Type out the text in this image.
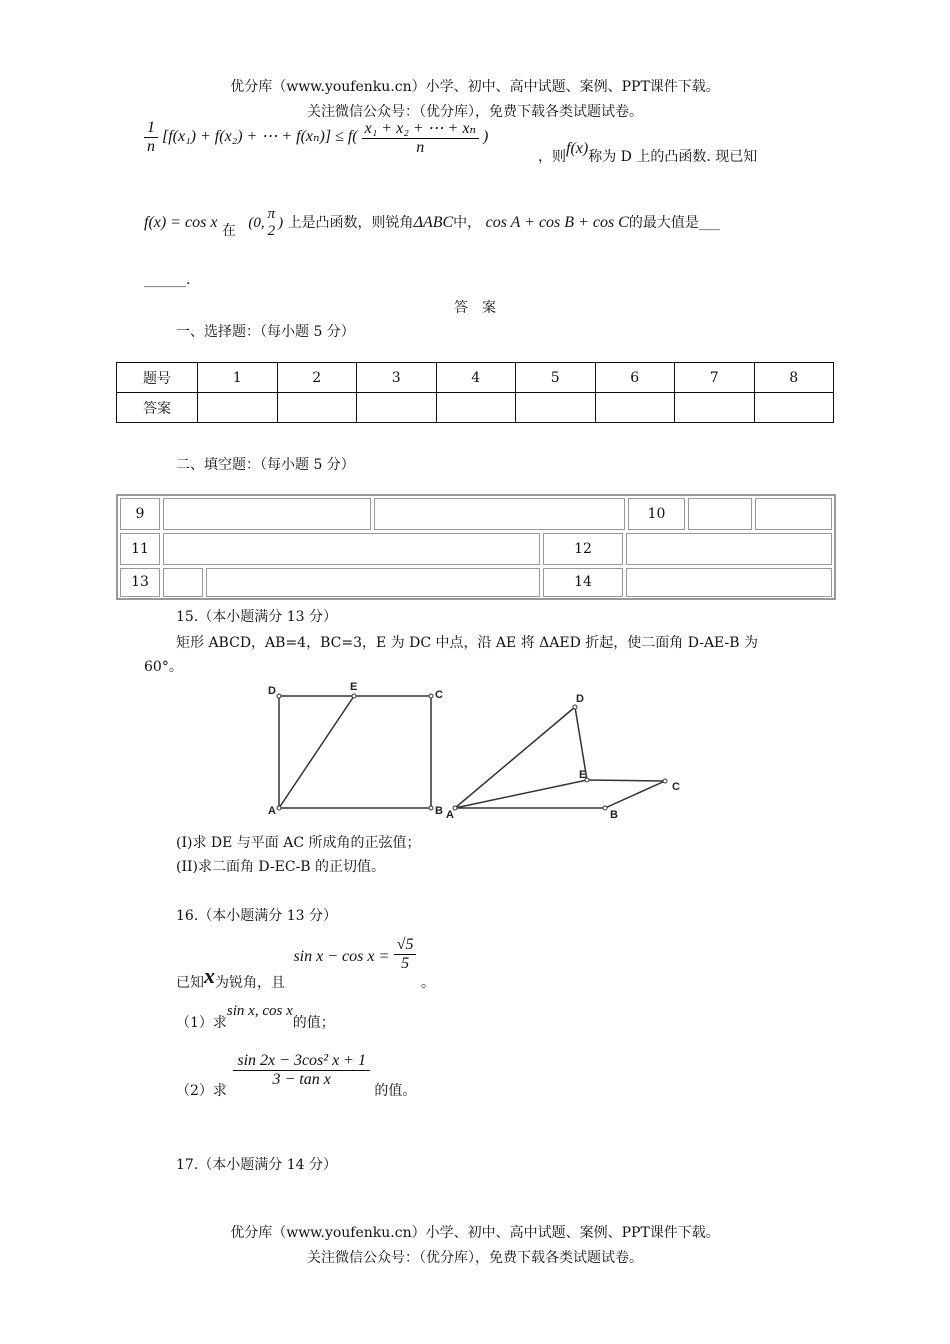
优分库（www.youfenku.cn）小学、初中、高中试题、案例、PPT课件下载。
关注微信公众号：（优分库），免费下载各类试题试卷。
$\frac{1}{n} [f(x_1) + f(x_2)$ + ⋯ + $f(x_n)] \le f( \frac{\text{x₁ + x₂ + ⋯ + xₙ}}{n}$ )
，则f(x)称为 D 上的凸函数. 现已知
f(x) = cos x 在 (0,
π
2 ) 上是凸函数，则锐角ΔABC中， cos A + cos B + cos C的最大值是___
______.
答　案
一、选择题：（每小题 5 分）
题号	1	2	3	4	5	6	7	8
答案								
二、填空题：（每小题 5 分）
9	10
11	12
13	14
15.（本小题满分 13 分）
矩形 ABCD，AB=4，BC=3，E 为 DC 中点，沿 AE 将 ΔAED 折起，使二面角 D-AE-B 为
60°。
D	E
C
A	B
D
E
C
A	B
(I)求 DE 与平面 AC 所成角的正弦值；
(II)求二面角 D-EC-B 的正切值。
16.（本小题满分 13 分）
已知x为锐角，且 $\sin x - \cos x = \frac{√5}{5}$
。
（1）求sin x, cos x的值；
（2）求
$\frac{\text{sin 2x − 3cos² x + 1}}{\text{3 − tan x}}$
的值。
17.（本小题满分 14 分）
优分库（www.youfenku.cn）小学、初中、高中试题、案例、PPT课件下载。
关注微信公众号：（优分库），免费下载各类试题试卷。
